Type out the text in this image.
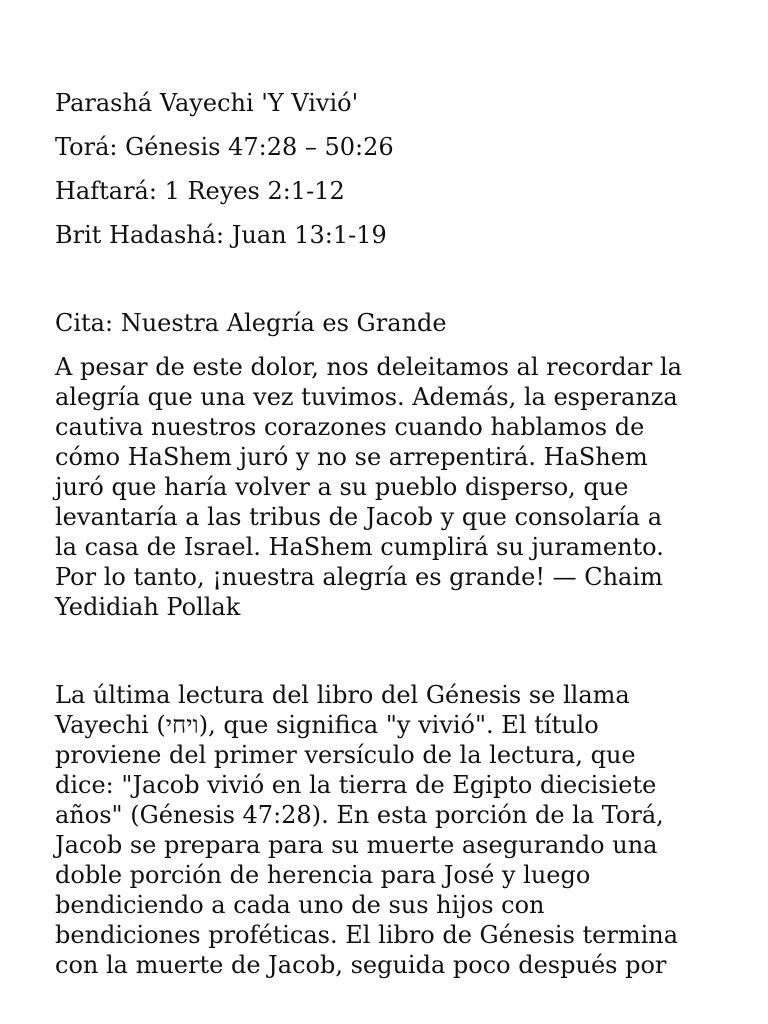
Parashá Vayechi 'Y Vivió'

Torá: Génesis 47:28 – 50:26

Haftará: 1 Reyes 2:1-12

Brit Hadashá: Juan 13:1-19

Cita: Nuestra Alegría es Grande

A pesar de este dolor, nos deleitamos al recordar la

alegría que una vez tuvimos. Además, la esperanza

cautiva nuestros corazones cuando hablamos de

cómo HaShem juró y no se arrepentirá. HaShem

juró que haría volver a su pueblo disperso, que

levantaría a las tribus de Jacob y que consolaría a

la casa de Israel. HaShem cumplirá su juramento.

Por lo tanto, ¡nuestra alegría es grande! — Chaim

Yedidiah Pollak

La última lectura del libro del Génesis se llama

Vayechi (ויחי), que significa "y vivió". El título

proviene del primer versículo de la lectura, que

dice: "Jacob vivió en la tierra de Egipto diecisiete

años" (Génesis 47:28). En esta porción de la Torá,

Jacob se prepara para su muerte asegurando una

doble porción de herencia para José y luego

bendiciendo a cada uno de sus hijos con

bendiciones proféticas. El libro de Génesis termina

con la muerte de Jacob, seguida poco después por
